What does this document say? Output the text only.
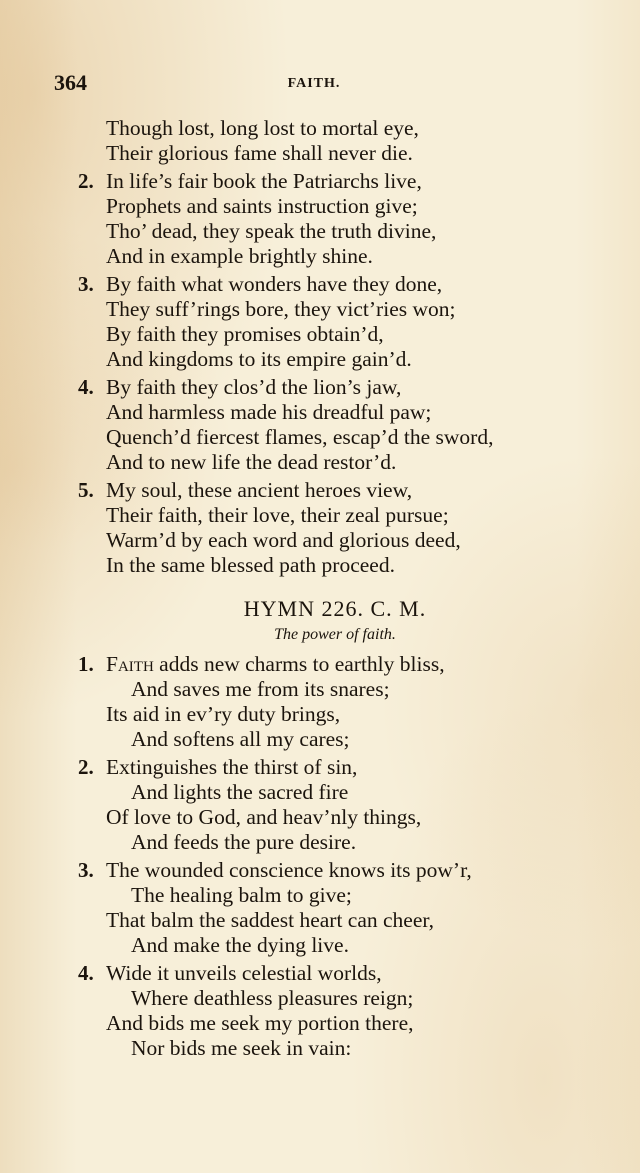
364	FAITH.
Though lost, long lost to mortal eye,
Their glorious fame shall never die.
2. In life’s fair book the Patriarchs live,
Prophets and saints instruction give;
Tho’ dead, they speak the truth divine,
And in example brightly shine.
3. By faith what wonders have they done,
They suff’rings bore, they vict’ries won;
By faith they promises obtain’d,
And kingdoms to its empire gain’d.
4. By faith they clos’d the lion’s jaw,
And harmless made his dreadful paw;
Quench’d fiercest flames, escap’d the sword,
And to new life the dead restor’d.
5. My soul, these ancient heroes view,
Their faith, their love, their zeal pursue;
Warm’d by each word and glorious deed,
In the same blessed path proceed.
HYMN 226. C. M.
The power of faith.
1. Faith adds new charms to earthly bliss,
And saves me from its snares;
Its aid in ev’ry duty brings,
And softens all my cares;
2. Extinguishes the thirst of sin,
And lights the sacred fire
Of love to God, and heav’nly things,
And feeds the pure desire.
3. The wounded conscience knows its pow’r,
The healing balm to give;
That balm the saddest heart can cheer,
And make the dying live.
4. Wide it unveils celestial worlds,
Where deathless pleasures reign;
And bids me seek my portion there,
Nor bids me seek in vain:
